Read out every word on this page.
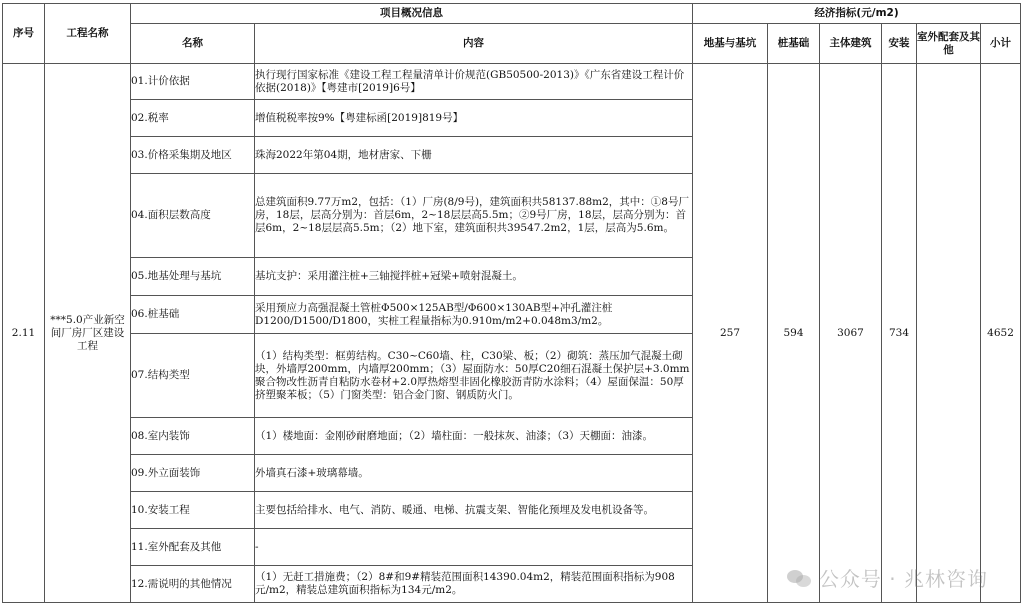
序号	工程名称	项目概况信息		经济指标(元/m2)					
		名称	内容	地基与基坑	桩基础	主体建筑	安装	室外配套及其他	小计
2.11	***5.0产业新空间厂房厂区建设工程	01.计价依据	执行现行国家标准《建设工程工程量清单计价规范(GB50500-2013)》《广东省建设工程计价依据(2018)》【粤建市[2019]6号】	257	594	3067	734		4652
		02.税率	增值税税率按9%【粤建标函[2019]819号】						
		03.价格采集期及地区	珠海2022年第04期，地材唐家、下栅						
		04.面积层数高度	总建筑面积9.77万m2，包括：（1）厂房(8/9号)，建筑面积共58137.88m2，其中：①8号厂房，18层，层高分别为：首层6m，2~18层层高5.5m；②9号厂房，18层，层高分别为：首层6m，2~18层层高5.5m；（2）地下室，建筑面积共39547.2m2，1层，层高为5.6m。						
		05.地基处理与基坑	基坑支护：采用灌注桩+三轴搅拌桩+冠梁+喷射混凝土。						
		06.桩基础	采用预应力高强混凝土管桩Φ500×125AB型/Φ600×130AB型+冲孔灌注桩D1200/D1500/D1800，实桩工程量指标为0.910m/m2+0.048m3/m2。						
		07.结构类型	（1）结构类型：框剪结构。C30~C60墙、柱，C30梁、板；（2）砌筑：蒸压加气混凝土砌块，外墙厚200mm，内墙厚200mm；（3）屋面防水：50厚C20细石混凝土保护层+3.0mm聚合物改性沥青自粘防水卷材+2.0厚热熔型非固化橡胶沥青防水涂料；（4）屋面保温：50厚挤塑聚苯板；（5）门窗类型：铝合金门窗、钢质防火门。						
		08.室内装饰	（1）楼地面：金刚砂耐磨地面；（2）墙柱面：一般抹灰、油漆；（3）天棚面：油漆。						
		09.外立面装饰	外墙真石漆+玻璃幕墙。						
		10.安装工程	主要包括给排水、电气、消防、暖通、电梯、抗震支架、智能化预埋及发电机设备等。						
		11.室外配套及其他	-						
		12.需说明的其他情况	（1）无赶工措施费；（2）8#和9#精装范围面积14390.04m2，精装范围面积指标为908元/m2，精装总建筑面积指标为134元/m2。							公众号 · 兆林咨询
